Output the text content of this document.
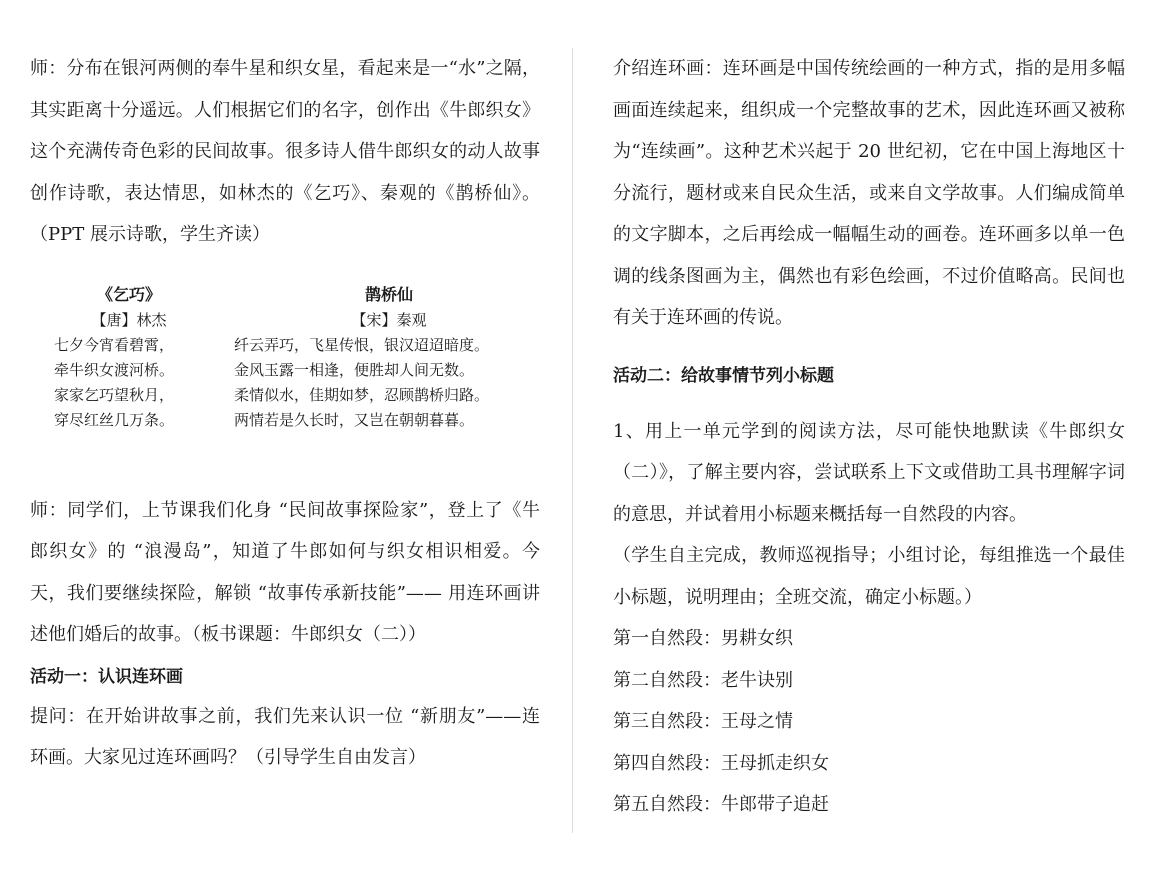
师：分布在银河两侧的奉牛星和织女星，看起来是一“水”之隔，其实距离十分遥远。人们根据它们的名字，创作出《牛郎织女》这个充满传奇色彩的民间故事。很多诗人借牛郎织女的动人故事创作诗歌，表达情思，如林杰的《乞巧》、秦观的《鹊桥仙》。（PPT 展示诗歌，学生齐读）

《乞巧》
【唐】林杰
七夕今宵看碧霄，
牵牛织女渡河桥。
家家乞巧望秋月，
穿尽红丝几万条。
鹊桥仙
【宋】秦观
纤云弄巧，飞星传恨，银汉迢迢暗度。
金风玉露一相逢，便胜却人间无数。
柔情似水，佳期如梦，忍顾鹊桥归路。
两情若是久长时，又岂在朝朝暮暮。

师：同学们，上节课我们化身 “民间故事探险家”，登上了《牛郎织女》的 “浪漫岛”，知道了牛郎如何与织女相识相爱。今天，我们要继续探险，解锁 “故事传承新技能”—— 用连环画讲述他们婚后的故事。（板书课题：牛郎织女（二））

活动一：认识连环画

提问：在开始讲故事之前，我们先来认识一位 “新朋友”——连环画。大家见过连环画吗？（引导学生自由发言）

介绍连环画：连环画是中国传统绘画的一种方式，指的是用多幅画面连续起来，组织成一个完整故事的艺术，因此连环画又被称为“连续画”。这种艺术兴起于 20 世纪初，它在中国上海地区十分流行，题材或来自民众生活，或来自文学故事。人们编成简单的文字脚本，之后再绘成一幅幅生动的画卷。连环画多以单一色调的线条图画为主，偶然也有彩色绘画，不过价值略高。民间也有关于连环画的传说。

活动二：给故事情节列小标题

1、用上一单元学到的阅读方法，尽可能快地默读《牛郎织女（二）》，了解主要内容，尝试联系上下文或借助工具书理解字词的意思，并试着用小标题来概括每一自然段的内容。

（学生自主完成，教师巡视指导；小组讨论，每组推选一个最佳小标题，说明理由；全班交流，确定小标题。）

第一自然段：男耕女织

第二自然段：老牛诀别

第三自然段：王母之情

第四自然段：王母抓走织女

第五自然段：牛郎带子追赶
